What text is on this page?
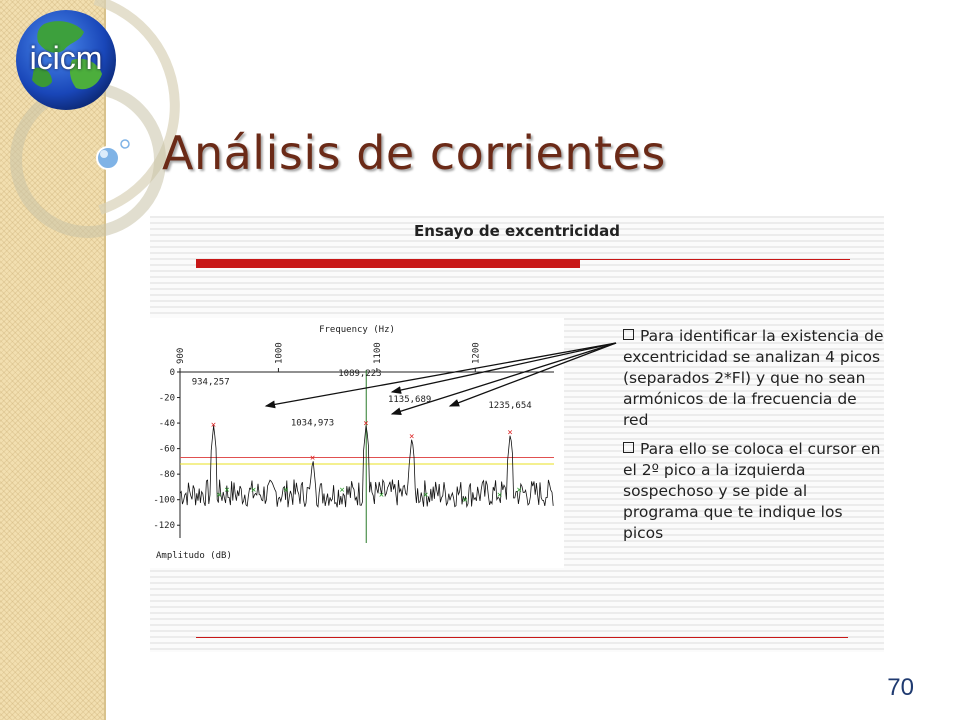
icicm
Análisis de corrientes
Ensayo de excentricidad
Frequency (Hz)
900	1000	1100	1200
0
-20
-40
-60
-80
-100
-120
×
934,257
×
1034,973	×
1089,223
×
1135,689
×
1235,654
×
× ×	×	×
×	×
×
×
×
Amplitudo (dB)
Para identificar la existencia de excentricidad se analizan 4 picos (separados 2*Fl) y que no sean armónicos de la frecuencia de red
Para ello se coloca el cursor en el 2º pico a la izquierda sospechoso y se pide al programa que te indique los picos
70
